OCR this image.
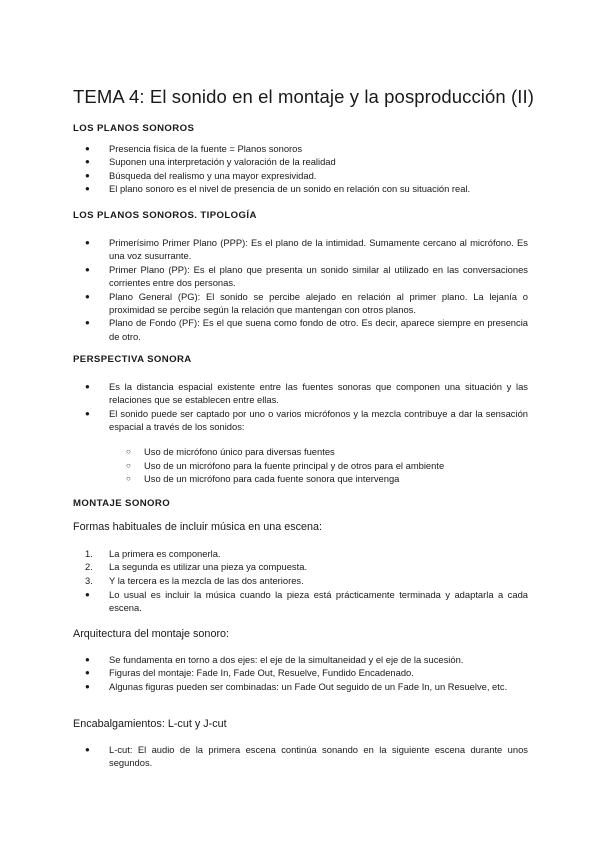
TEMA 4: El sonido en el montaje y la posproducción (II)
LOS PLANOS SONOROS
●
Presencia física de la fuente = Planos sonoros
●
Suponen una interpretación y valoración de la realidad
●
Búsqueda del realismo y una mayor expresividad.
●
El plano sonoro es el nivel de presencia de un sonido en relación con su situación real.
LOS PLANOS SONOROS. TIPOLOGÍA
●
Primerísimo Primer Plano (PPP): Es el plano de la intimidad. Sumamente cercano al micrófono. Es una voz susurrante.
●
Primer Plano (PP): Es el plano que presenta un sonido similar al utilizado en las conversaciones corrientes entre dos personas.
●
Plano General (PG): El sonido se percibe alejado en relación al primer plano. La lejanía o proximidad se percibe según la relación que mantengan con otros planos.
●
Plano de Fondo (PF): Es el que suena como fondo de otro. Es decir, aparece siempre en presencia de otro.
PERSPECTIVA SONORA
●
Es la distancia espacial existente entre las fuentes sonoras que componen una situación y las relaciones que se establecen entre ellas.
●
El sonido puede ser captado por uno o varios micrófonos y la mezcla contribuye a dar la sensación espacial a través de los sonidos:
○
Uso de micrófono único para diversas fuentes
○
Uso de un micrófono para la fuente principal y de otros para el ambiente
○
Uso de un micrófono para cada fuente sonora que intervenga
MONTAJE SONORO

Formas habituales de incluir música en una escena:

1.	La primera es componerla.
2.	La segunda es utilizar una pieza ya compuesta.
3.	Y la tercera es la mezcla de las dos anteriores.
●
Lo usual es incluir la música cuando la pieza está prácticamente terminada y adaptarla a cada escena.

Arquitectura del montaje sonoro:

●
Se fundamenta en torno a dos ejes: el eje de la simultaneidad y el eje de la sucesión.
●
Figuras del montaje: Fade In, Fade Out, Resuelve, Fundido Encadenado.
●
Algunas figuras pueden ser combinadas: un Fade Out seguido de un Fade In, un Resuelve, etc.

Encabalgamientos: L-cut y J-cut

●
L-cut: El audio de la primera escena continúa sonando en la siguiente escena durante unos segundos.
